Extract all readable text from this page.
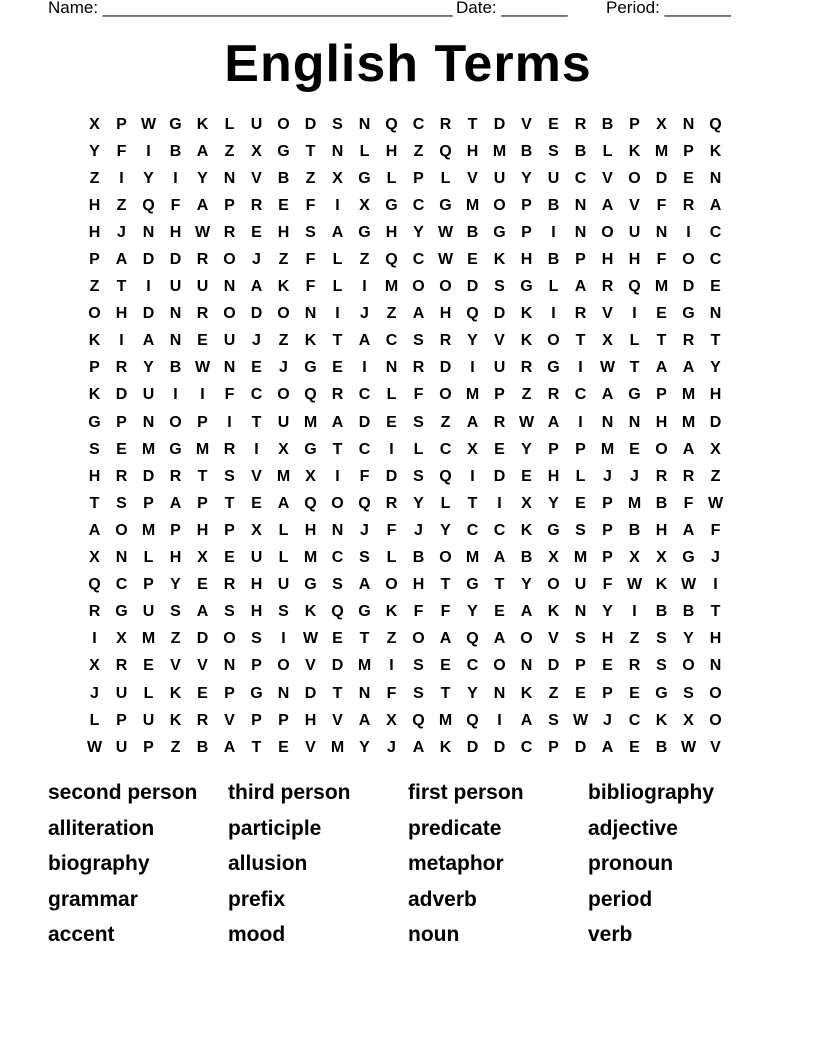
Name: _____________________________________ Date: _______ Period: _______
English Terms
X	P W G K	L	U O D S N Q C R	T	D V	E R B P	X N Q
Y	F	I	B A	Z	X G T	N	L	H	Z Q H M B S B	L	K M P K
Z	I	Y	I	Y N V B	Z	X G L	P	L	V U Y U C V O D E N
H	Z Q F	A P R E	F	I	X G C G M O P B N A V	F	R A
H	J	N H W R E H S A G H Y W B G P	I	N O U N	I	C
P A D D R O	J	Z	F	L	Z Q C W E K H B P H H	F O C
Z	T	I	U U N A K	F	L	I	M O O D S G L	A R Q M D E
O H D N R O D O N	I	J	Z	A H Q D K	I	R V	I	E G N
K	I	A N E U	J	Z	K	T	A C S R Y	V K O T	X	L	T	R	T
P R Y B W N E	J	G E	I	N R D	I	U R G	I	W T	A A Y
K D U	I	I	F	C O Q R C	L	F O M P	Z	R C A G P M H
G P N O P	I	T	U M A D E	S	Z	A R W A	I	N N H M D
S	E M G M R	I	X G T	C	I	L	C X	E	Y	P	P M E O A X
H R D R	T	S	V M X	I	F	D S Q	I	D E H	L	J	J	R R	Z
T	S	P A P	T	E A Q O Q R Y	L	T	I	X	Y	E	P M B	F W
A O M P H P	X	L	H N	J	F	J	Y C C K G S	P B H A	F
X N	L	H X	E U	L M C S	L	B O M A B X M P	X	X G	J
Q C P	Y	E R H U G S A O H	T G T	Y O U	F W K W	I
R G U S A S H S K Q G K	F	F	Y	E A K N Y	I	B B	T
I	X M Z	D O S	I	W E	T	Z O A Q A O V	S H	Z	S	Y H
X R E	V	V N P O V D M	I	S	E C O N D P	E R S O N
J	U	L	K E	P G N D	T	N	F	S	T	Y N K	Z	E	P	E G S O
L	P U K R V	P	P H V A X Q M Q	I	A S W J	C K X O
W U P	Z	B A	T	E	V M Y	J	A K D D C P D A E B W V
second person	third person	first person	bibliography
alliteration	participle	predicate	adjective
biography	allusion	metaphor	pronoun
grammar	prefix	adverb	period
accent	mood	noun	verb
